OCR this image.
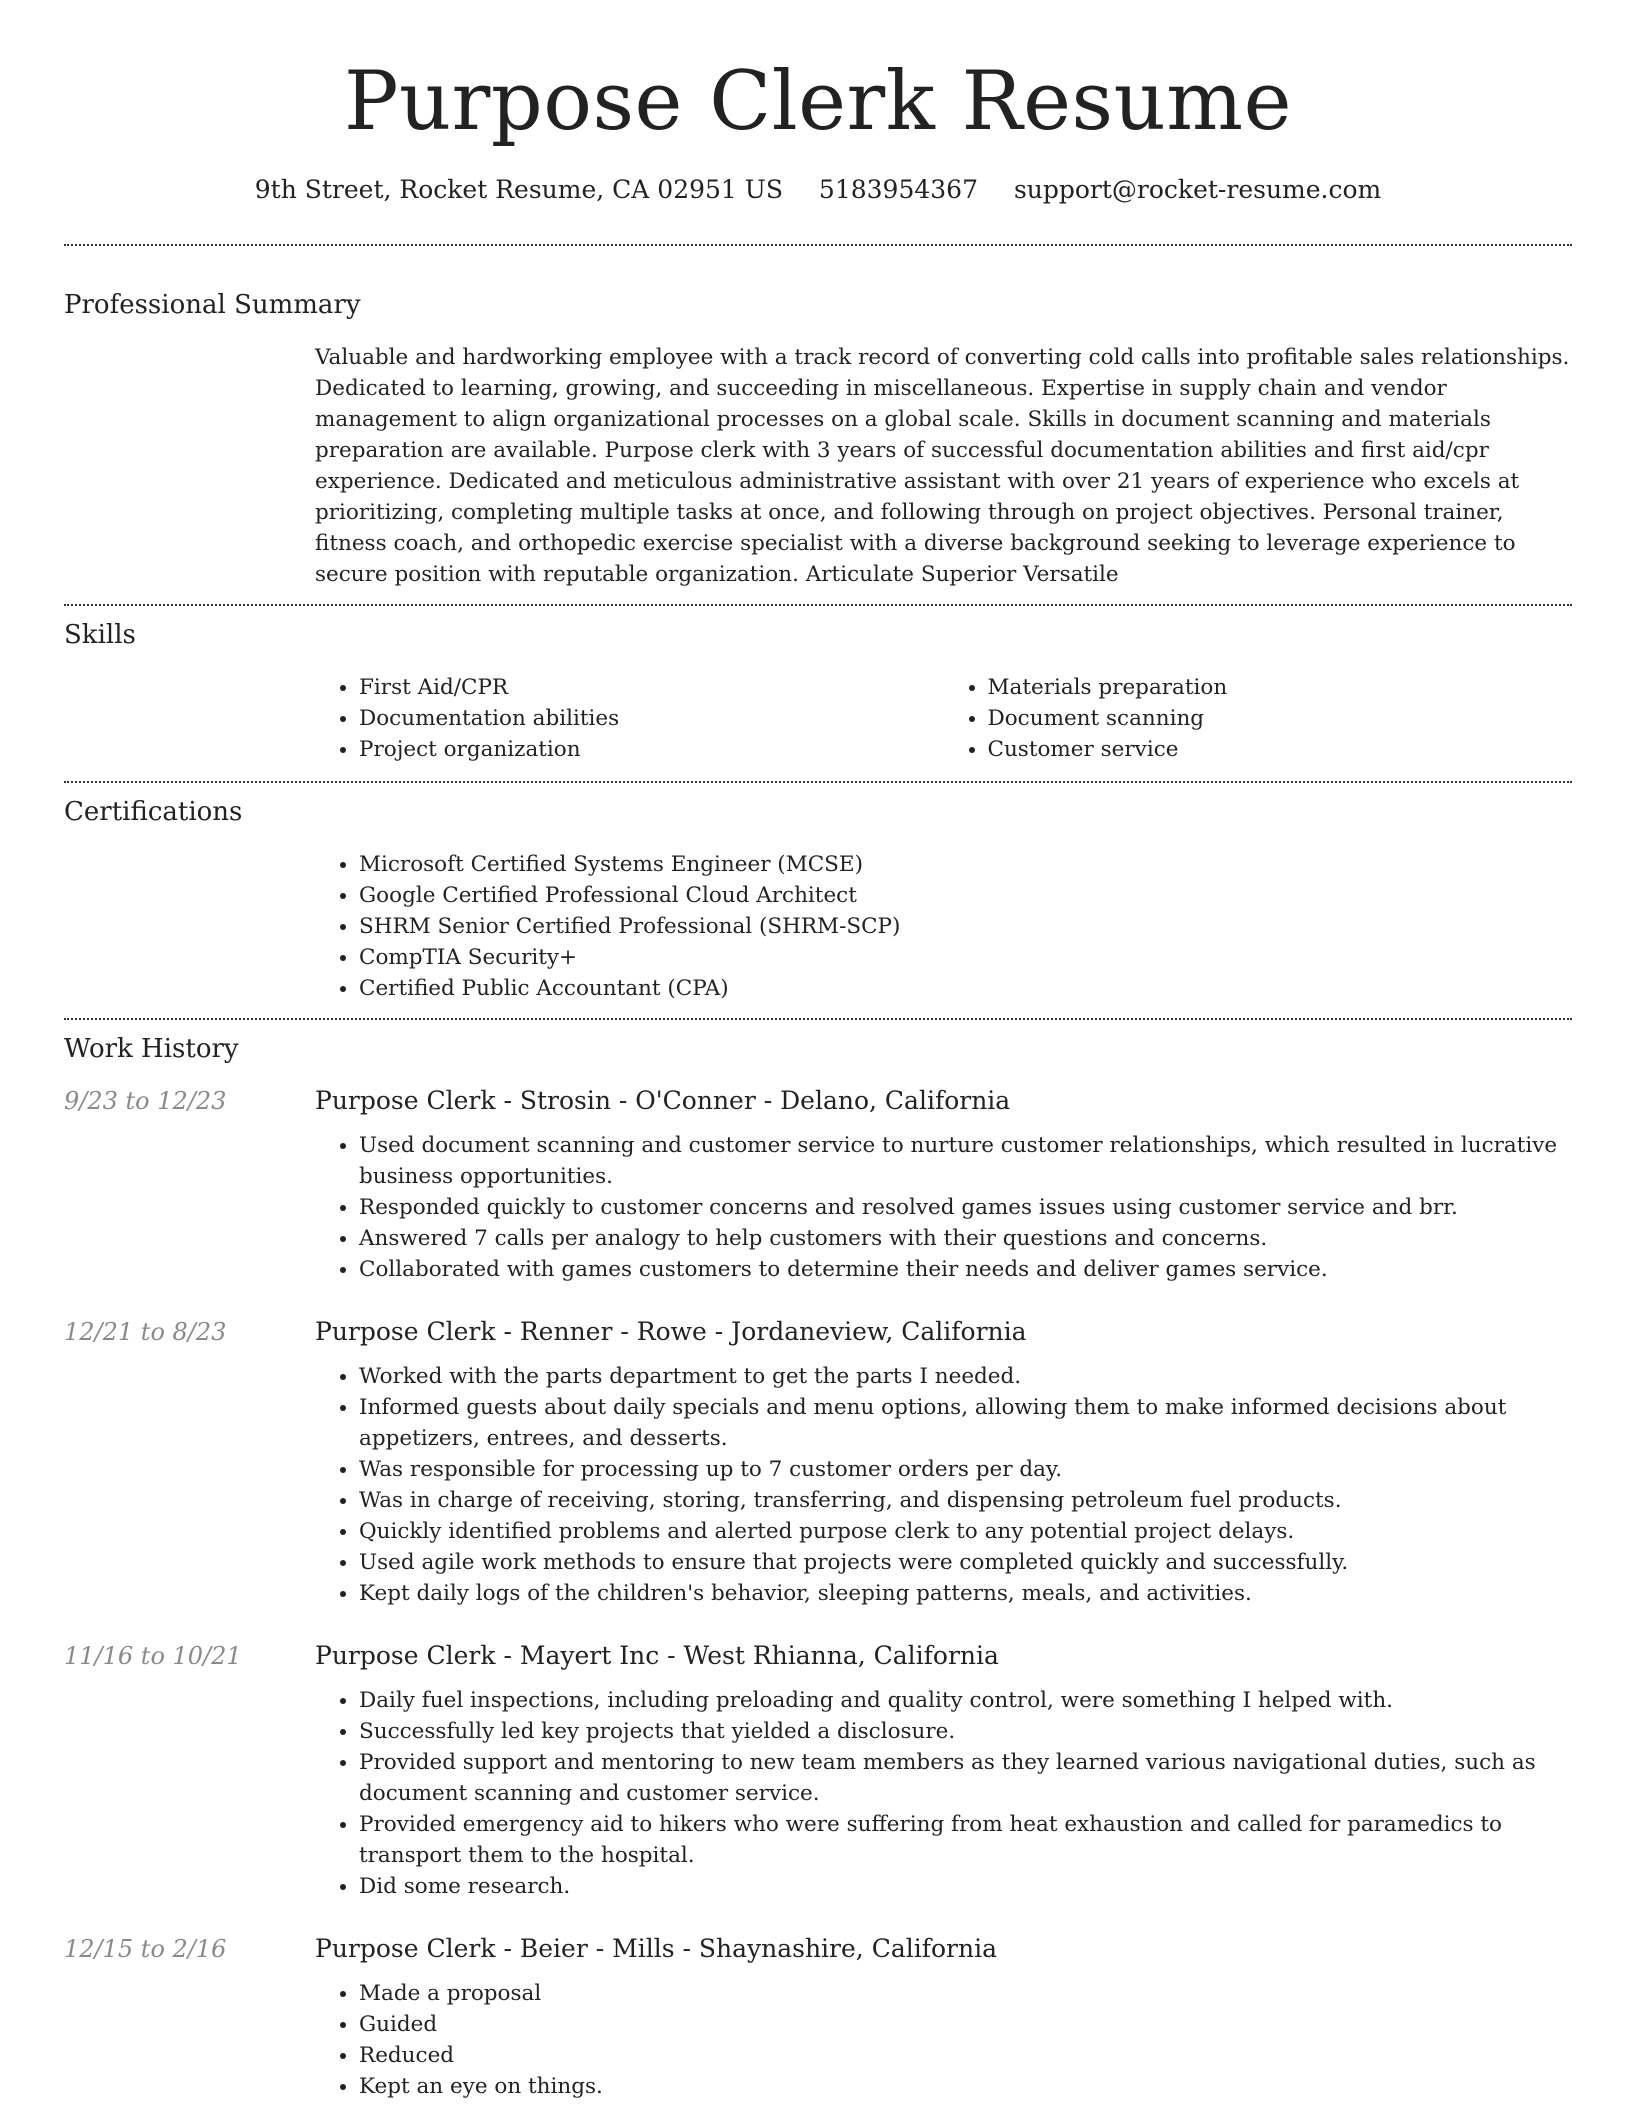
Purpose Clerk Resume
9th Street, Rocket Resume, CA 02951 US 5183954367 support@rocket-resume.com
Professional Summary
Valuable and hardworking employee with a track record of converting cold calls into profitable sales relationships. Dedicated to learning, growing, and succeeding in miscellaneous. Expertise in supply chain and vendor management to align organizational processes on a global scale. Skills in document scanning and materials preparation are available. Purpose clerk with 3 years of successful documentation abilities and first aid/cpr experience. Dedicated and meticulous administrative assistant with over 21 years of experience who excels at prioritizing, completing multiple tasks at once, and following through on project objectives. Personal trainer, fitness coach, and orthopedic exercise specialist with a diverse background seeking to leverage experience to secure position with reputable organization. Articulate Superior Versatile
Skills
• First Aid/CPR
• Documentation abilities
• Project organization
• Materials preparation
• Document scanning
• Customer service
Certifications
• Microsoft Certified Systems Engineer (MCSE)
• Google Certified Professional Cloud Architect
• SHRM Senior Certified Professional (SHRM-SCP)
• CompTIA Security+
• Certified Public Accountant (CPA)
Work History
9/23 to 12/23	Purpose Clerk - Strosin - O'Conner - Delano, California
• Used document scanning and customer service to nurture customer relationships, which resulted in lucrative business opportunities.
• Responded quickly to customer concerns and resolved games issues using customer service and brr.
• Answered 7 calls per analogy to help customers with their questions and concerns.
• Collaborated with games customers to determine their needs and deliver games service.
12/21 to 8/23	Purpose Clerk - Renner - Rowe - Jordaneview, California
• Worked with the parts department to get the parts I needed.
• Informed guests about daily specials and menu options, allowing them to make informed decisions about appetizers, entrees, and desserts.
• Was responsible for processing up to 7 customer orders per day.
• Was in charge of receiving, storing, transferring, and dispensing petroleum fuel products.
• Quickly identified problems and alerted purpose clerk to any potential project delays.
• Used agile work methods to ensure that projects were completed quickly and successfully.
• Kept daily logs of the children's behavior, sleeping patterns, meals, and activities.
11/16 to 10/21	Purpose Clerk - Mayert Inc - West Rhianna, California
• Daily fuel inspections, including preloading and quality control, were something I helped with.
• Successfully led key projects that yielded a disclosure.
• Provided support and mentoring to new team members as they learned various navigational duties, such as document scanning and customer service.
• Provided emergency aid to hikers who were suffering from heat exhaustion and called for paramedics to transport them to the hospital.
• Did some research.
12/15 to 2/16	Purpose Clerk - Beier - Mills - Shaynashire, California
• Made a proposal
• Guided
• Reduced
• Kept an eye on things.
